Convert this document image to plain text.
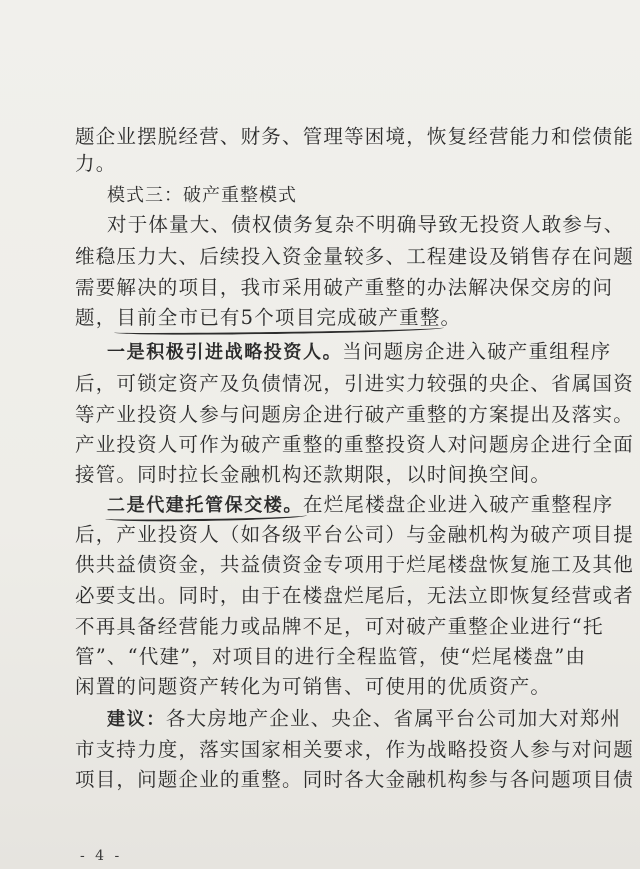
题企业摆脱经营、财务、管理等困境，恢复经营能力和偿债能
力。
模式三：破产重整模式
对于体量大、债权债务复杂不明确导致无投资人敢参与、
维稳压力大、后续投入资金量较多、工程建设及销售存在问题
需要解决的项目，我市采用破产重整的办法解决保交房的问
题，目前全市已有5个项目完成破产重整。
一是积极引进战略投资人。当问题房企进入破产重组程序
后，可锁定资产及负债情况，引进实力较强的央企、省属国资
等产业投资人参与问题房企进行破产重整的方案提出及落实。
产业投资人可作为破产重整的重整投资人对问题房企进行全面
接管。同时拉长金融机构还款期限，以时间换空间。
二是代建托管保交楼。在烂尾楼盘企业进入破产重整程序
后，产业投资人（如各级平台公司）与金融机构为破产项目提
供共益债资金，共益债资金专项用于烂尾楼盘恢复施工及其他
必要支出。同时，由于在楼盘烂尾后，无法立即恢复经营或者
不再具备经营能力或品牌不足，可对破产重整企业进行“托
管”、“代建”，对项目的进行全程监管，使“烂尾楼盘”由
闲置的问题资产转化为可销售、可使用的优质资产。
建议：各大房地产企业、央企、省属平台公司加大对郑州
市支持力度，落实国家相关要求，作为战略投资人参与对问题
项目，问题企业的重整。同时各大金融机构参与各问题项目债
- 4 -
